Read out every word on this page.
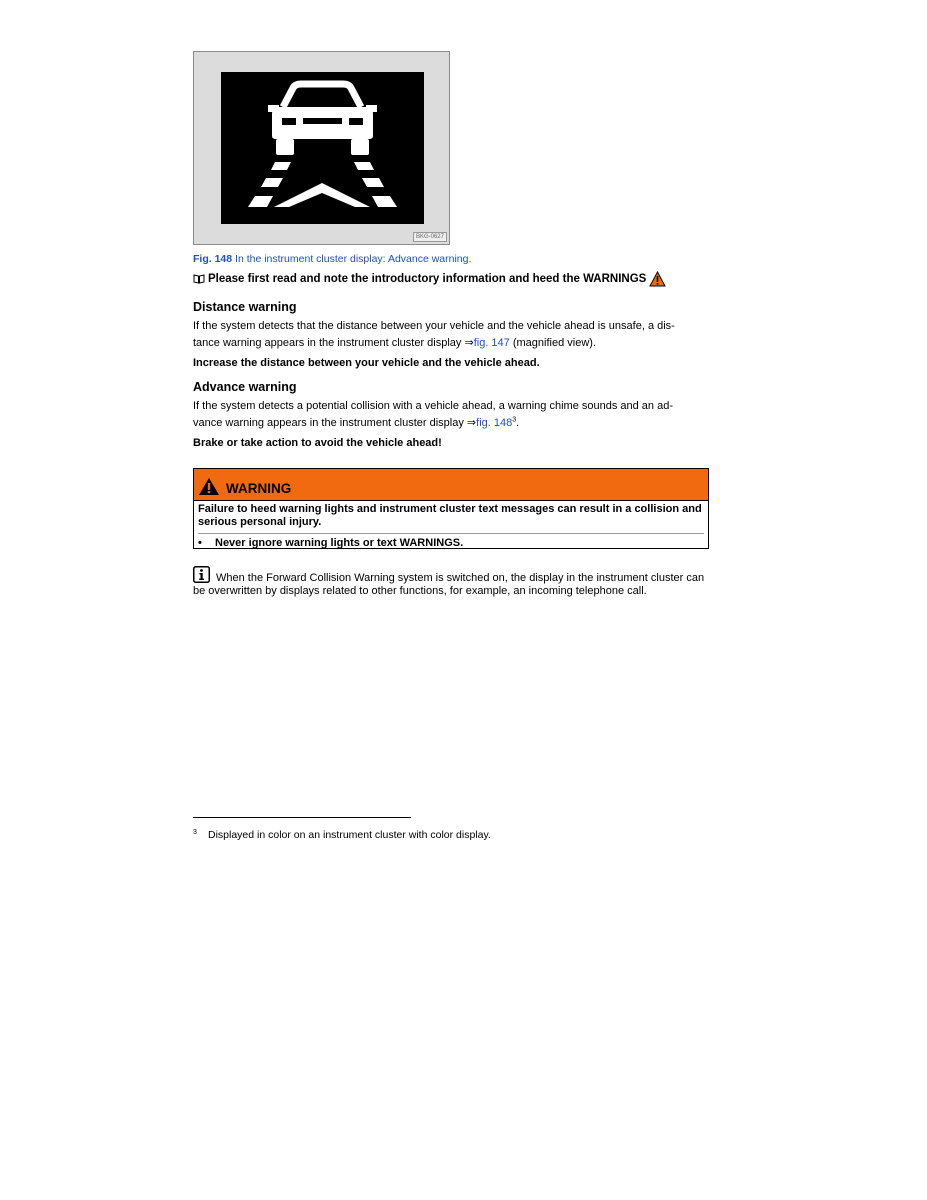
BKG-0627
Fig. 148 In the instrument cluster display: Advance warning.
Please first read and note the introductory information and heed the WARNINGS
Distance warning
If the system detects that the distance between your vehicle and the vehicle ahead is unsafe, a dis-
tance warning appears in the instrument cluster display ⇒fig. 147 (magnified view).
Increase the distance between your vehicle and the vehicle ahead.
Advance warning
If the system detects a potential collision with a vehicle ahead, a warning chime sounds and an ad-
vance warning appears in the instrument cluster display ⇒fig. $148^3$.
Brake or take action to avoid the vehicle ahead!
WARNING
Failure to heed warning lights and instrument cluster text messages can result in a collision and serious personal injury.
•	Never ignore warning lights or text WARNINGS.
When the Forward Collision Warning system is switched on, the display in the instrument cluster can be overwritten by displays related to other functions, for example, an incoming telephone call.
3	Displayed in color on an instrument cluster with color display.
